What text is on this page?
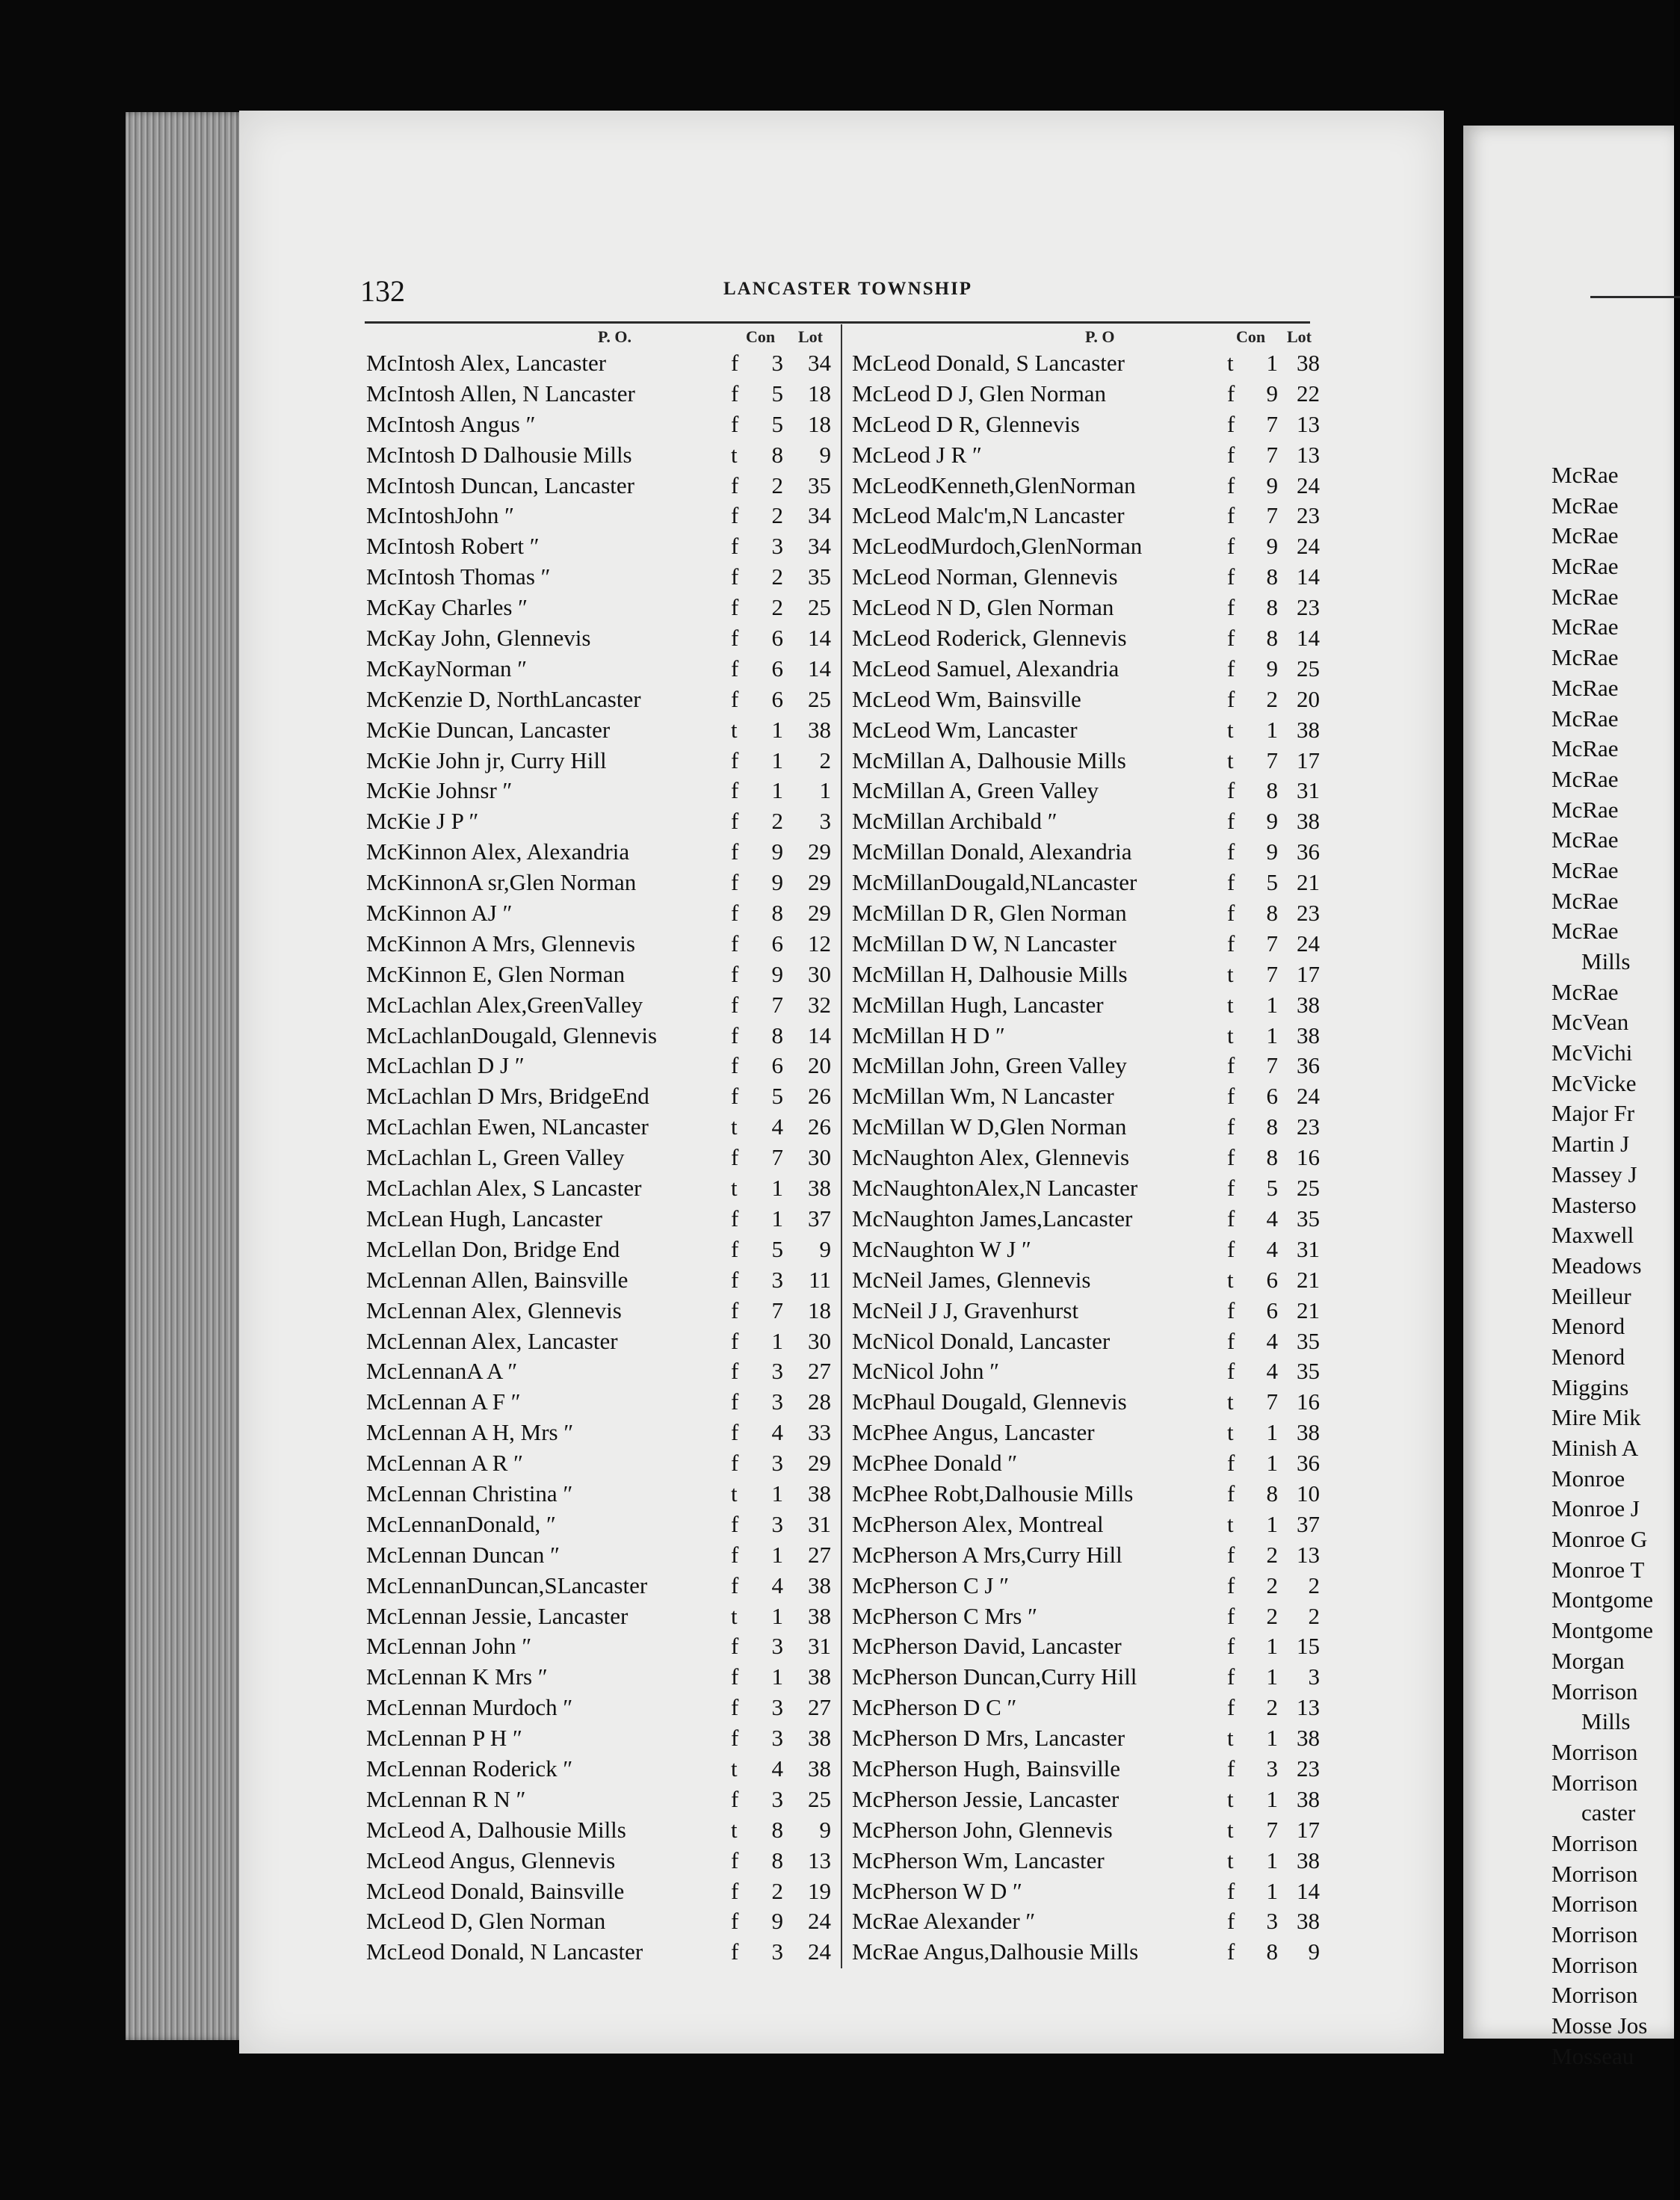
132	LANCASTER TOWNSHIP
P. O.	Con Lot
McIntosh Alex, Lancaster	f	3	34
McIntosh Allen, N Lancaster	f	5	18
McIntosh Angus ″	f	5	18
McIntosh D Dalhousie Mills	t	8	9
McIntosh Duncan, Lancaster	f	2	35
McIntoshJohn ″	f	2	34
McIntosh Robert ″	f	3	34
McIntosh Thomas ″	f	2	35
McKay Charles ″	f	2	25
McKay John, Glennevis	f	6	14
McKayNorman ″	f	6	14
McKenzie D, NorthLancaster	f	6	25
McKie Duncan, Lancaster	t	1	38
McKie John jr, Curry Hill	f	1	2
McKie Johnsr ″	f	1	1
McKie J P ″	f	2	3
McKinnon Alex, Alexandria	f	9	29
McKinnonA sr,Glen Norman	f	9	29
McKinnon AJ ″	f	8	29
McKinnon A Mrs, Glennevis	f	6	12
McKinnon E, Glen Norman	f	9	30
McLachlan Alex,GreenValley	f	7	32
McLachlanDougald, Glennevis	f	8	14
McLachlan D J ″	f	6	20
McLachlan D Mrs, BridgeEnd	f	5	26
McLachlan Ewen, NLancaster	t	4	26
McLachlan L, Green Valley	f	7	30
McLachlan Alex, S Lancaster	t	1	38
McLean Hugh, Lancaster	f	1	37
McLellan Don, Bridge End	f	5	9
McLennan Allen, Bainsville	f	3	11
McLennan Alex, Glennevis	f	7	18
McLennan Alex, Lancaster	f	1	30
McLennanA A ″	f	3	27
McLennan A F ″	f	3	28
McLennan A H, Mrs ″	f	4	33
McLennan A R ″	f	3	29
McLennan Christina ″	t	1	38
McLennanDonald, ″	f	3	31
McLennan Duncan ″	f	1	27
McLennanDuncan,SLancaster	f	4	38
McLennan Jessie, Lancaster	t	1	38
McLennan John ″	f	3	31
McLennan K Mrs ″	f	1	38
McLennan Murdoch ″	f	3	27
McLennan P H ″	f	3	38
McLennan Roderick ″	t	4	38
McLennan R N ″	f	3	25
McLeod A, Dalhousie Mills	t	8	9
McLeod Angus, Glennevis	f	8	13
McLeod Donald, Bainsville	f	2	19
McLeod D, Glen Norman	f	9	24
McLeod Donald, N Lancaster	f	3	24
P. O	Con Lot
McLeod Donald, S Lancaster	t	1 38
McLeod D J, Glen Norman	f	9 22
McLeod D R, Glennevis	f	7 13
McLeod J R ″	f	7 13
McLeodKenneth,GlenNorman	f	9 24
McLeod Malc'm,N Lancaster	f	7 23
McLeodMurdoch,GlenNorman	f	9 24
McLeod Norman, Glennevis	f	8 14
McLeod N D, Glen Norman	f	8 23
McLeod Roderick, Glennevis	f	8 14
McLeod Samuel, Alexandria	f	9 25
McLeod Wm, Bainsville	f	2 20
McLeod Wm, Lancaster	t	1 38
McMillan A, Dalhousie Mills	t	7 17
McMillan A, Green Valley	f	8 31
McMillan Archibald ″	f	9 38
McMillan Donald, Alexandria	f	9 36
McMillanDougald,NLancaster	f	5 21
McMillan D R, Glen Norman	f	8 23
McMillan D W, N Lancaster	f	7 24
McMillan H, Dalhousie Mills	t	7 17
McMillan Hugh, Lancaster	t	1 38
McMillan H D ″	t	1 38
McMillan John, Green Valley	f	7 36
McMillan Wm, N Lancaster	f	6 24
McMillan W D,Glen Norman	f	8 23
McNaughton Alex, Glennevis	f	8 16
McNaughtonAlex,N Lancaster	f	5 25
McNaughton James,Lancaster	f	4 35
McNaughton W J ″	f	4 31
McNeil James, Glennevis	t	6 21
McNeil J J, Gravenhurst	f	6 21
McNicol Donald, Lancaster	f	4 35
McNicol John ″	f	4 35
McPhaul Dougald, Glennevis	t	7 16
McPhee Angus, Lancaster	t	1 38
McPhee Donald ″	f	1 36
McPhee Robt,Dalhousie Mills	f	8 10
McPherson Alex, Montreal	t	1 37
McPherson A Mrs,Curry Hill	f	2 13
McPherson C J ″	f	2	2
McPherson C Mrs ″	f	2	2
McPherson David, Lancaster	f	1 15
McPherson Duncan,Curry Hill	f	1	3
McPherson D C ″	f	2 13
McPherson D Mrs, Lancaster	t	1 38
McPherson Hugh, Bainsville	f	3 23
McPherson Jessie, Lancaster	t	1 38
McPherson John, Glennevis	t	7 17
McPherson Wm, Lancaster	t	1 38
McPherson W D ″	f	1 14
McRae Alexander ″	f	3 38
McRae Angus,Dalhousie Mills	f	8	9
McRae
McRae
McRae
McRae
McRae
McRae
McRae
McRae
McRae
McRae
McRae
McRae
McRae
McRae
McRae
McRae
Mills
McRae
McVean
McVichi
McVicke
Major Fr
Martin J
Massey J
Masterso
Maxwell
Meadows
Meilleur
Menord
Menord
Miggins
Mire Mik
Minish A
Monroe
Monroe J
Monroe G
Monroe T
Montgome
Montgome
Morgan
Morrison
Mills
Morrison
Morrison
caster
Morrison
Morrison
Morrison
Morrison
Morrison
Morrison
Mosse Jos
Mosseau
